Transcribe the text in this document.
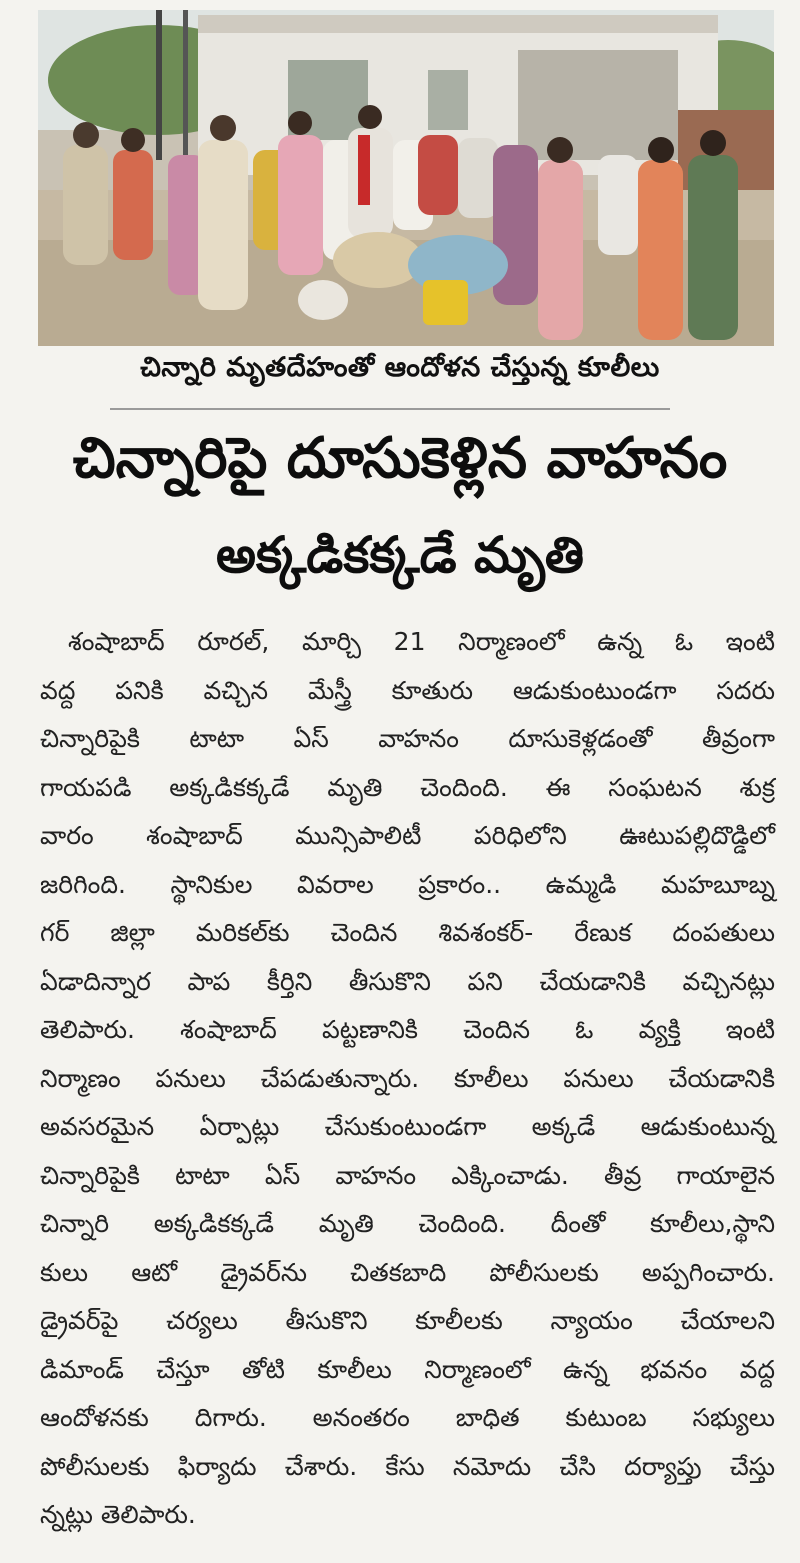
చిన్నారి మృతదేహంతో ఆందోళన చేస్తున్న కూలీలు
చిన్నారిపై దూసుకెళ్లిన వాహనం
అక్కడికక్కడే మృతి
శంషాబాద్ రూరల్, మార్చి 21 నిర్మాణంలో ఉన్న ఓ ఇంటి
వద్ద పనికి వచ్చిన మేస్త్రీ కూతురు ఆడుకుంటుండగా సదరు
చిన్నారిపైకి టాటా ఏస్ వాహనం దూసుకెళ్లడంతో తీవ్రంగా
గాయపడి అక్కడికక్కడే మృతి చెందింది. ఈ సంఘటన శుక్ర
వారం శంషాబాద్ మున్సిపాలిటీ పరిధిలోని ఊటుపల్లిదొడ్డిలో
జరిగింది. స్థానికుల వివరాల ప్రకారం.. ఉమ్మడి మహబూబ్న
గర్ జిల్లా మరికల్‌కు చెందిన శివశంకర్- రేణుక దంపతులు
ఏడాదిన్నార పాప కీర్తిని తీసుకొని పని చేయడానికి వచ్చినట్లు
తెలిపారు. శంషాబాద్ పట్టణానికి చెందిన ఓ వ్యక్తి ఇంటి
నిర్మాణం పనులు చేపడుతున్నారు. కూలీలు పనులు చేయడానికి
అవసరమైన ఏర్పాట్లు చేసుకుంటుండగా అక్కడే ఆడుకుంటున్న
చిన్నారిపైకి టాటా ఏస్ వాహనం ఎక్కించాడు. తీవ్ర గాయాలైన
చిన్నారి అక్కడికక్కడే మృతి చెందింది. దీంతో కూలీలు,స్థాని
కులు ఆటో డ్రైవర్‌ను చితకబాది పోలీసులకు అప్పగించారు.
డ్రైవర్‌పై చర్యలు తీసుకొని కూలీలకు న్యాయం చేయాలని
డిమాండ్ చేస్తూ తోటి కూలీలు నిర్మాణంలో ఉన్న భవనం వద్ద
ఆందోళనకు దిగారు. అనంతరం బాధిత కుటుంబ సభ్యులు
పోలీసులకు ఫిర్యాదు చేశారు. కేసు నమోదు చేసి దర్యాప్తు చేస్తు
న్నట్లు తెలిపారు.
